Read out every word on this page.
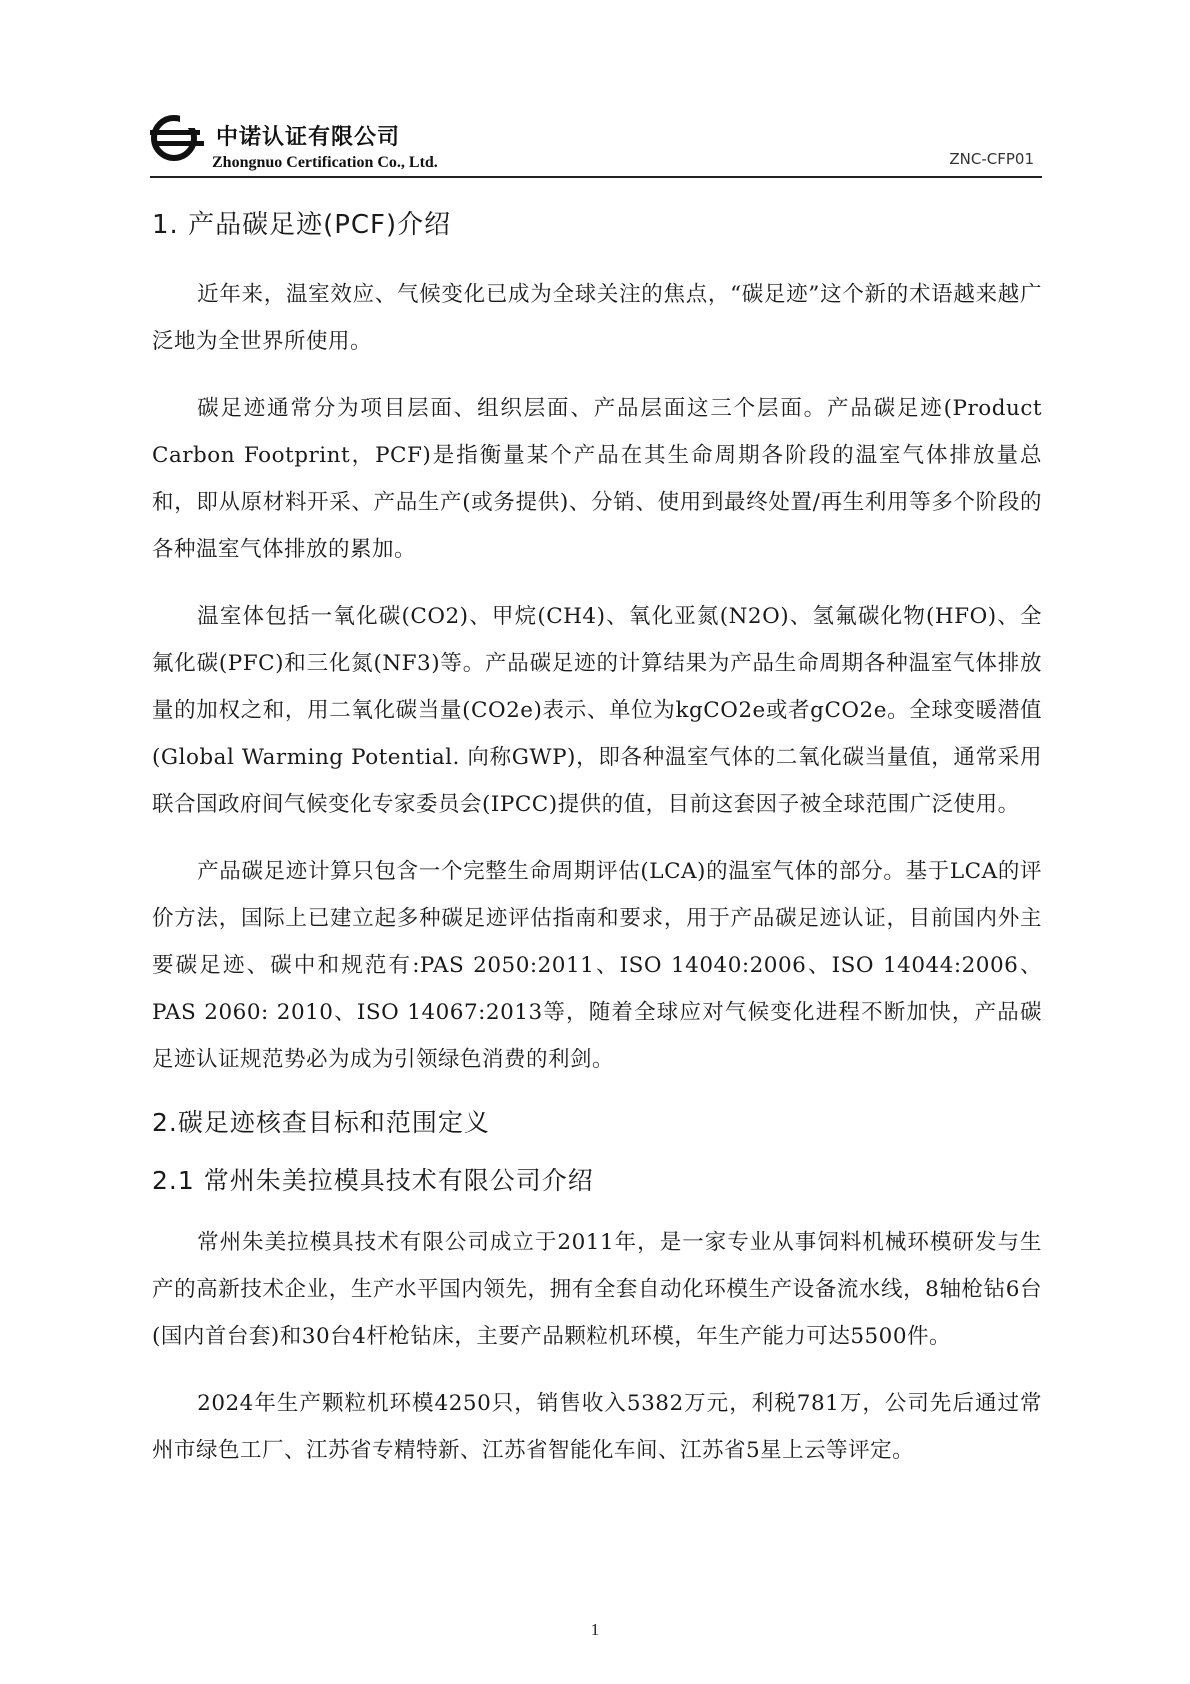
中诺认证有限公司
Zhongnuo Certification Co., Ltd.	ZNC-CFP01
1. 产品碳足迹(PCF)介绍

近年来，温室效应、气候变化已成为全球关注的焦点，“碳足迹”这个新的术语越来越广泛地为全世界所使用。

碳足迹通常分为项目层面、组织层面、产品层面这三个层面。产品碳足迹(Product Carbon Footprint，PCF)是指衡量某个产品在其生命周期各阶段的温室气体排放量总和，即从原材料开采、产品生产(或务提供)、分销、使用到最终处置/再生利用等多个阶段的各种温室气体排放的累加。

温室体包括一氧化碳(CO2)、甲烷(CH4)、氧化亚氮(N2O)、氢氟碳化物(HFO)、全氟化碳(PFC)和三化氮(NF3)等。产品碳足迹的计算结果为产品生命周期各种温室气体排放量的加权之和，用二氧化碳当量(CO2e)表示、单位为kgCO2e或者gCO2e。全球变暖潜值(Global Warming Potential. 向称GWP)，即各种温室气体的二氧化碳当量值，通常采用联合国政府间气候变化专家委员会(IPCC)提供的值，目前这套因子被全球范围广泛使用。

产品碳足迹计算只包含一个完整生命周期评估(LCA)的温室气体的部分。基于LCA的评价方法，国际上已建立起多种碳足迹评估指南和要求，用于产品碳足迹认证，目前国内外主要碳足迹、碳中和规范有:PAS 2050:2011、ISO 14040:2006、ISO 14044:2006、PAS 2060: 2010、ISO 14067:2013等，随着全球应对气候变化进程不断加快，产品碳足迹认证规范势必为成为引领绿色消费的利剑。

2.碳足迹核查目标和范围定义
2.1 常州朱美拉模具技术有限公司介绍

常州朱美拉模具技术有限公司成立于2011年，是一家专业从事饲料机械环模研发与生产的高新技术企业，生产水平国内领先，拥有全套自动化环模生产设备流水线，8轴枪钻6台(国内首台套)和30台4杆枪钻床，主要产品颗粒机环模，年生产能力可达5500件。

2024年生产颗粒机环模4250只，销售收入5382万元，利税781万，公司先后通过常州市绿色工厂、江苏省专精特新、江苏省智能化车间、江苏省5星上云等评定。

1
